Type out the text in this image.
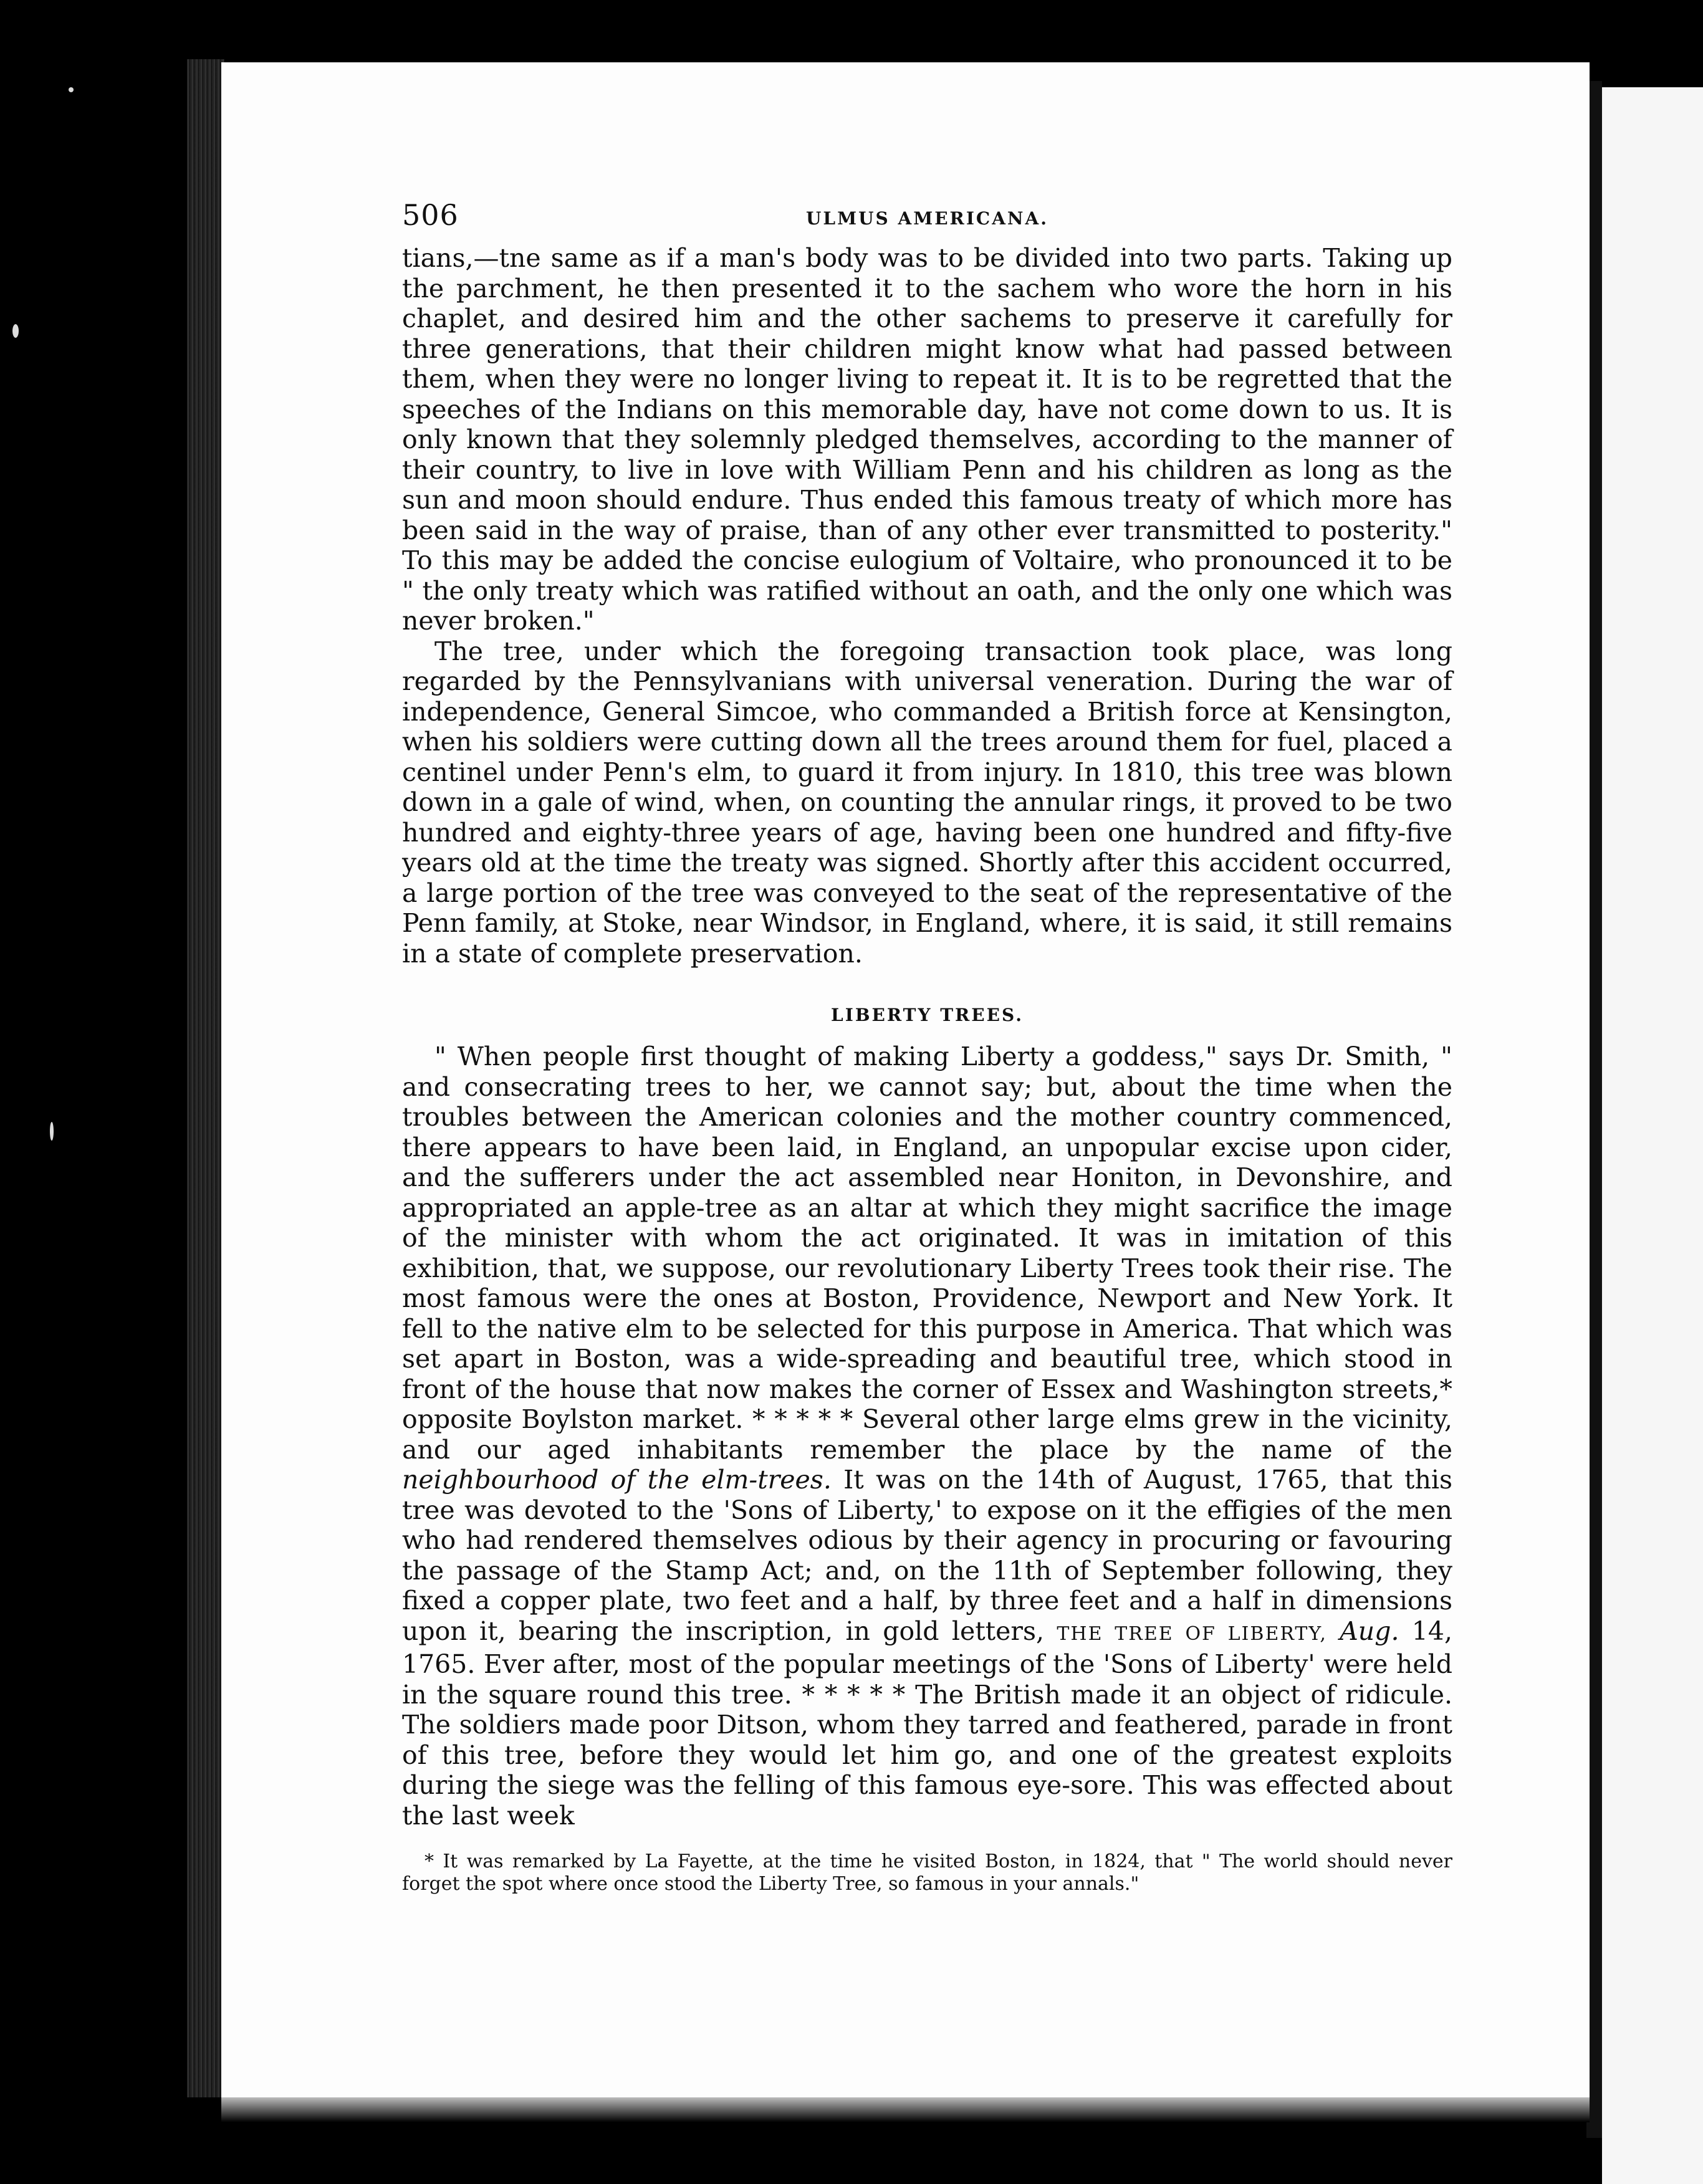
506	ULMUS AMERICANA.

tians,—tne same as if a man's body was to be divided into two parts. Taking up the parchment, he then presented it to the sachem who wore the horn in his chaplet, and desired him and the other sachems to preserve it carefully for three generations, that their children might know what had passed between them, when they were no longer living to repeat it. It is to be regretted that the speeches of the Indians on this memorable day, have not come down to us. It is only known that they solemnly pledged themselves, according to the manner of their country, to live in love with William Penn and his children as long as the sun and moon should endure. Thus ended this famous treaty of which more has been said in the way of praise, than of any other ever transmitted to posterity." To this may be added the concise eulogium of Voltaire, who pronounced it to be " the only treaty which was ratified without an oath, and the only one which was never broken."

The tree, under which the foregoing transaction took place, was long regarded by the Pennsylvanians with universal veneration. During the war of independence, General Simcoe, who commanded a British force at Kensington, when his soldiers were cutting down all the trees around them for fuel, placed a centinel under Penn's elm, to guard it from injury. In 1810, this tree was blown down in a gale of wind, when, on counting the annular rings, it proved to be two hundred and eighty-three years of age, having been one hundred and fifty-five years old at the time the treaty was signed. Shortly after this accident occurred, a large portion of the tree was conveyed to the seat of the representative of the Penn family, at Stoke, near Windsor, in England, where, it is said, it still remains in a state of complete preservation.

LIBERTY TREES.

" When people first thought of making Liberty a goddess," says Dr. Smith, " and consecrating trees to her, we cannot say; but, about the time when the troubles between the American colonies and the mother country commenced, there appears to have been laid, in England, an unpopular excise upon cider, and the sufferers under the act assembled near Honiton, in Devonshire, and appropriated an apple-tree as an altar at which they might sacrifice the image of the minister with whom the act originated. It was in imitation of this exhibition, that, we suppose, our revolutionary Liberty Trees took their rise. The most famous were the ones at Boston, Providence, Newport and New York. It fell to the native elm to be selected for this purpose in America. That which was set apart in Boston, was a wide-spreading and beautiful tree, which stood in front of the house that now makes the corner of Essex and Washington streets,* opposite Boylston market. * * * * * Several other large elms grew in the vicinity, and our aged inhabitants remember the place by the name of the neighbourhood of the elm-trees. It was on the 14th of August, 1765, that this tree was devoted to the 'Sons of Liberty,' to expose on it the effigies of the men who had rendered themselves odious by their agency in procuring or favouring the passage of the Stamp Act; and, on the 11th of September following, they fixed a copper plate, two feet and a half, by three feet and a half in dimensions upon it, bearing the inscription, in gold letters, THE TREE OF LIBERTY, Aug. 14, 1765. Ever after, most of the popular meetings of the 'Sons of Liberty' were held in the square round this tree. * * * * * The British made it an object of ridicule. The soldiers made poor Ditson, whom they tarred and feathered, parade in front of this tree, before they would let him go, and one of the greatest exploits during the siege was the felling of this famous eye-sore. This was effected about the last week

* It was remarked by La Fayette, at the time he visited Boston, in 1824, that " The world should never forget the spot where once stood the Liberty Tree, so famous in your annals."
